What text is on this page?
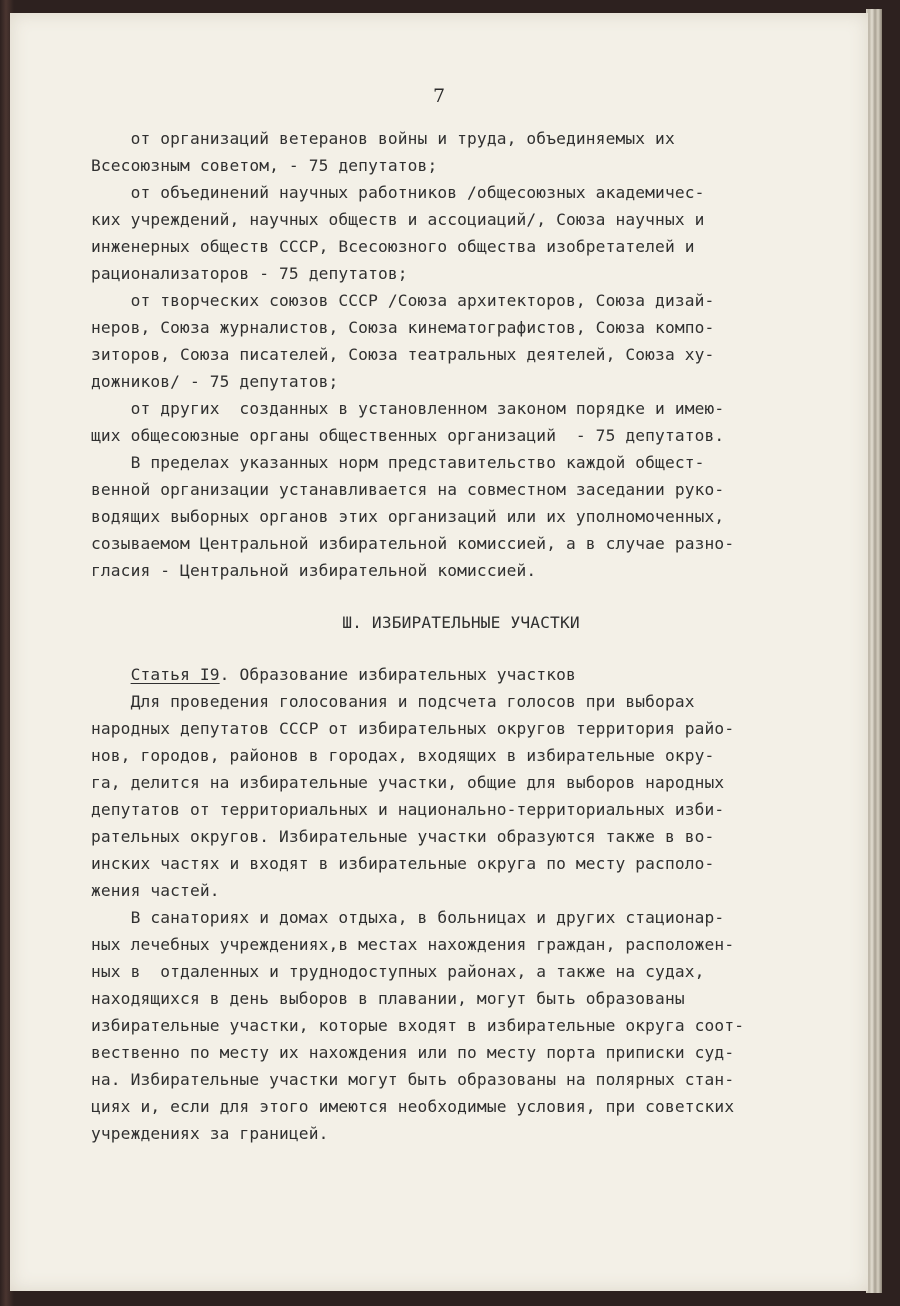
7
от организаций ветеранов войны и труда, объединяемых их
Всесоюзным советом, - 75 депутатов;
от объединений научных работников /общесоюзных академичес-
ких учреждений, научных обществ и ассоциаций/, Союза научных и
инженерных обществ СССР, Всесоюзного общества изобретателей и
рационализаторов - 75 депутатов;
от творческих союзов СССР /Союза архитекторов, Союза дизай-
неров, Союза журналистов, Союза кинематографистов, Союза компо-
зиторов, Союза писателей, Союза театральных деятелей, Союза ху-
дожников/ - 75 депутатов;
от других  созданных в установленном законом порядке и имею-
щих общесоюзные органы общественных организаций  - 75 депутатов.
В пределах указанных норм представительство каждой общест-
венной организации устанавливается на совместном заседании руко-
водящих выборных органов этих организаций или их уполномоченных,
созываемом Центральной избирательной комиссией, а в случае разно-
гласия - Центральной избирательной комиссией.
Ш. ИЗБИРАТЕЛЬНЫЕ УЧАСТКИ
Статья I9. Образование избирательных участков
Для проведения голосования и подсчета голосов при выборах
народных депутатов СССР от избирательных округов территория райо-
нов, городов, районов в городах, входящих в избирательные окру-
га, делится на избирательные участки, общие для выборов народных
депутатов от территориальных и национально-территориальных изби-
рательных округов. Избирательные участки образуются также в во-
инских частях и входят в избирательные округа по месту располо-
жения частей.
В санаториях и домах отдыха, в больницах и других стационар-
ных лечебных учреждениях,в местах нахождения граждан, расположен-
ных в  отдаленных и труднодоступных районах, а также на судах,
находящихся в день выборов в плавании, могут быть образованы
избирательные участки, которые входят в избирательные округа соот-
вественно по месту их нахождения или по месту порта приписки суд-
на. Избирательные участки могут быть образованы на полярных стан-
циях и, если для этого имеются необходимые условия, при советских
учреждениях за границей.
